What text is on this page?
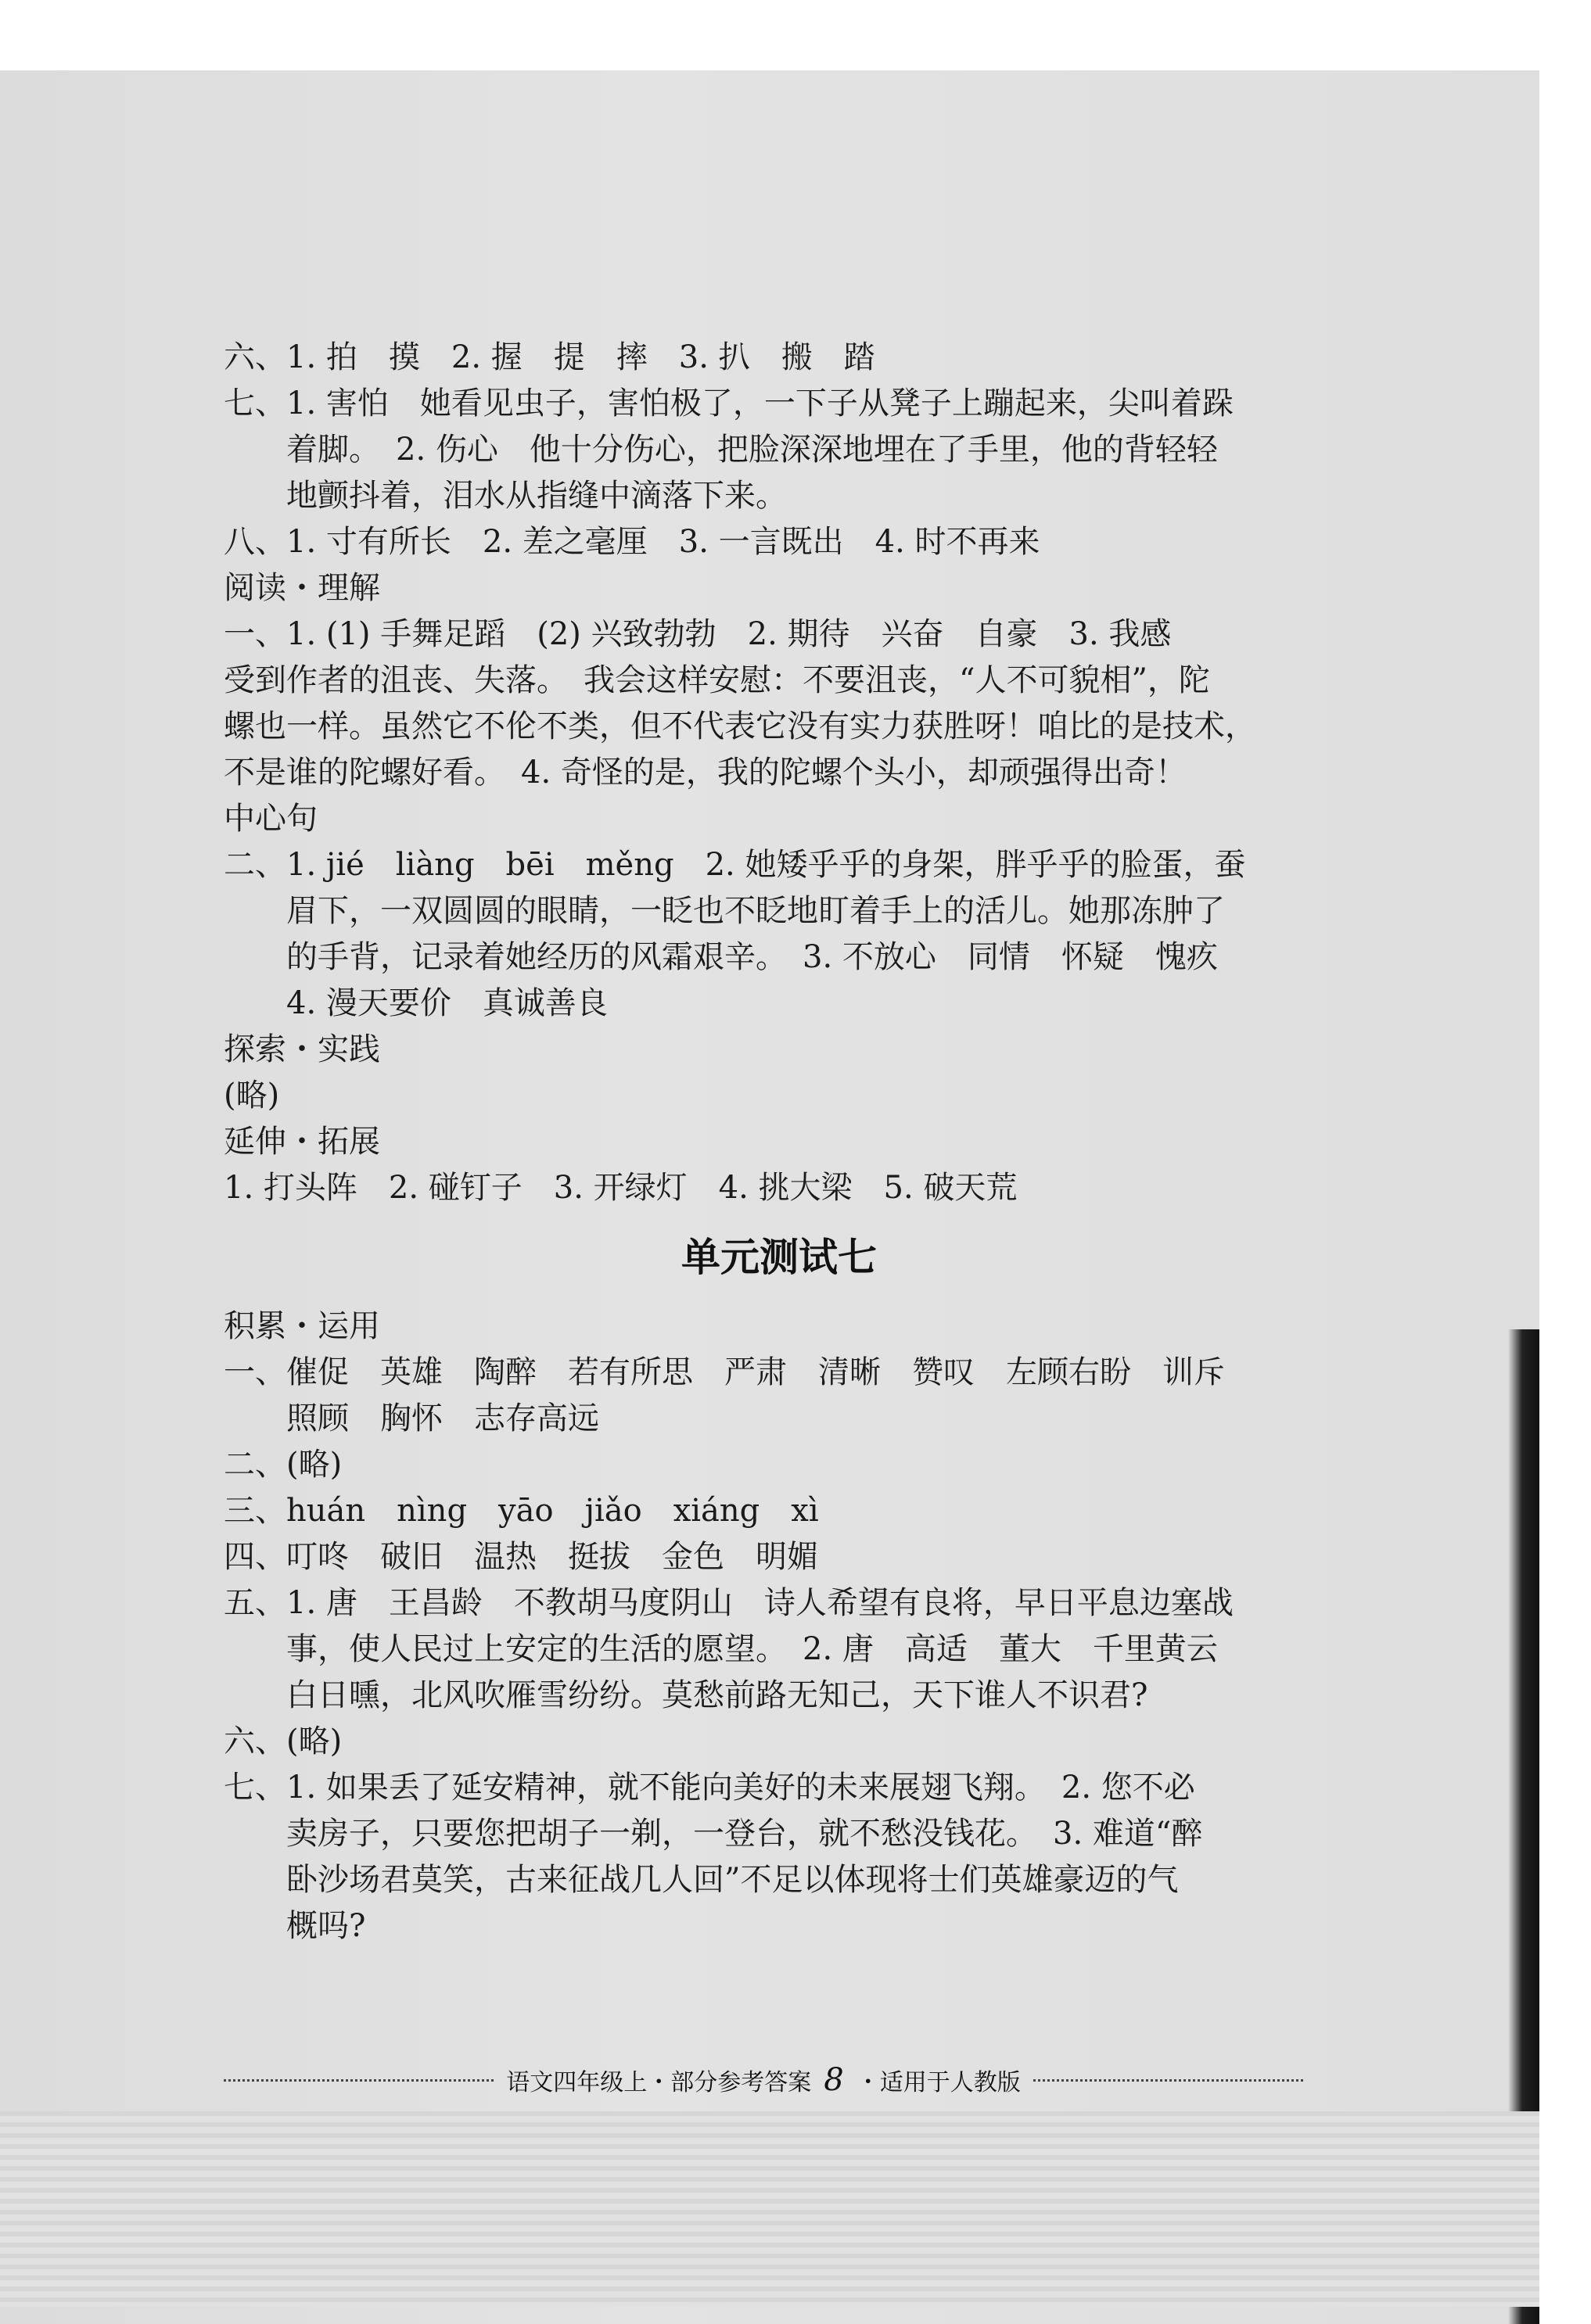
六、1. 拍　摸　2. 握　提　摔　3. 扒　搬　踏
七、1. 害怕　她看见虫子，害怕极了，一下子从凳子上蹦起来，尖叫着跺
着脚。　2. 伤心　他十分伤心，把脸深深地埋在了手里，他的背轻轻
地颤抖着，泪水从指缝中滴落下来。
八、1. 寸有所长　2. 差之毫厘　3. 一言既出　4. 时不再来
阅读・理解
一、1. (1) 手舞足蹈　(2) 兴致勃勃　2. 期待　兴奋　自豪　3. 我感
受到作者的沮丧、失落。　我会这样安慰：不要沮丧，“人不可貌相”，陀
螺也一样。虽然它不伦不类，但不代表它没有实力获胜呀！咱比的是技术，
不是谁的陀螺好看。　4. 奇怪的是，我的陀螺个头小，却顽强得出奇！
中心句
二、1. jié　liàng　bēi　měng　2. 她矮乎乎的身架，胖乎乎的脸蛋，蚕
眉下，一双圆圆的眼睛，一眨也不眨地盯着手上的活儿。她那冻肿了
的手背，记录着她经历的风霜艰辛。　3. 不放心　同情　怀疑　愧疚
4. 漫天要价　真诚善良
探索・实践
(略)
延伸・拓展
1. 打头阵　2. 碰钉子　3. 开绿灯　4. 挑大梁　5. 破天荒
单元测试七
积累・运用
一、催促　英雄　陶醉　若有所思　严肃　清晰　赞叹　左顾右盼　训斥
照顾　胸怀　志存高远
二、(略)
三、huán　nìng　yāo　jiǎo　xiáng　xì
四、叮咚　破旧　温热　挺拔　金色　明媚
五、1. 唐　王昌龄　不教胡马度阴山　诗人希望有良将，早日平息边塞战
事，使人民过上安定的生活的愿望。　2. 唐　高适　董大　千里黄云
白日曛，北风吹雁雪纷纷。莫愁前路无知己，天下谁人不识君?
六、(略)
七、1. 如果丢了延安精神，就不能向美好的未来展翅飞翔。　2. 您不必
卖房子，只要您把胡子一剃，一登台，就不愁没钱花。　3. 难道“醉
卧沙场君莫笑，古来征战几人回”不足以体现将士们英雄豪迈的气
概吗?
语文四年级上・部分参考答案 8 ・适用于人教版
